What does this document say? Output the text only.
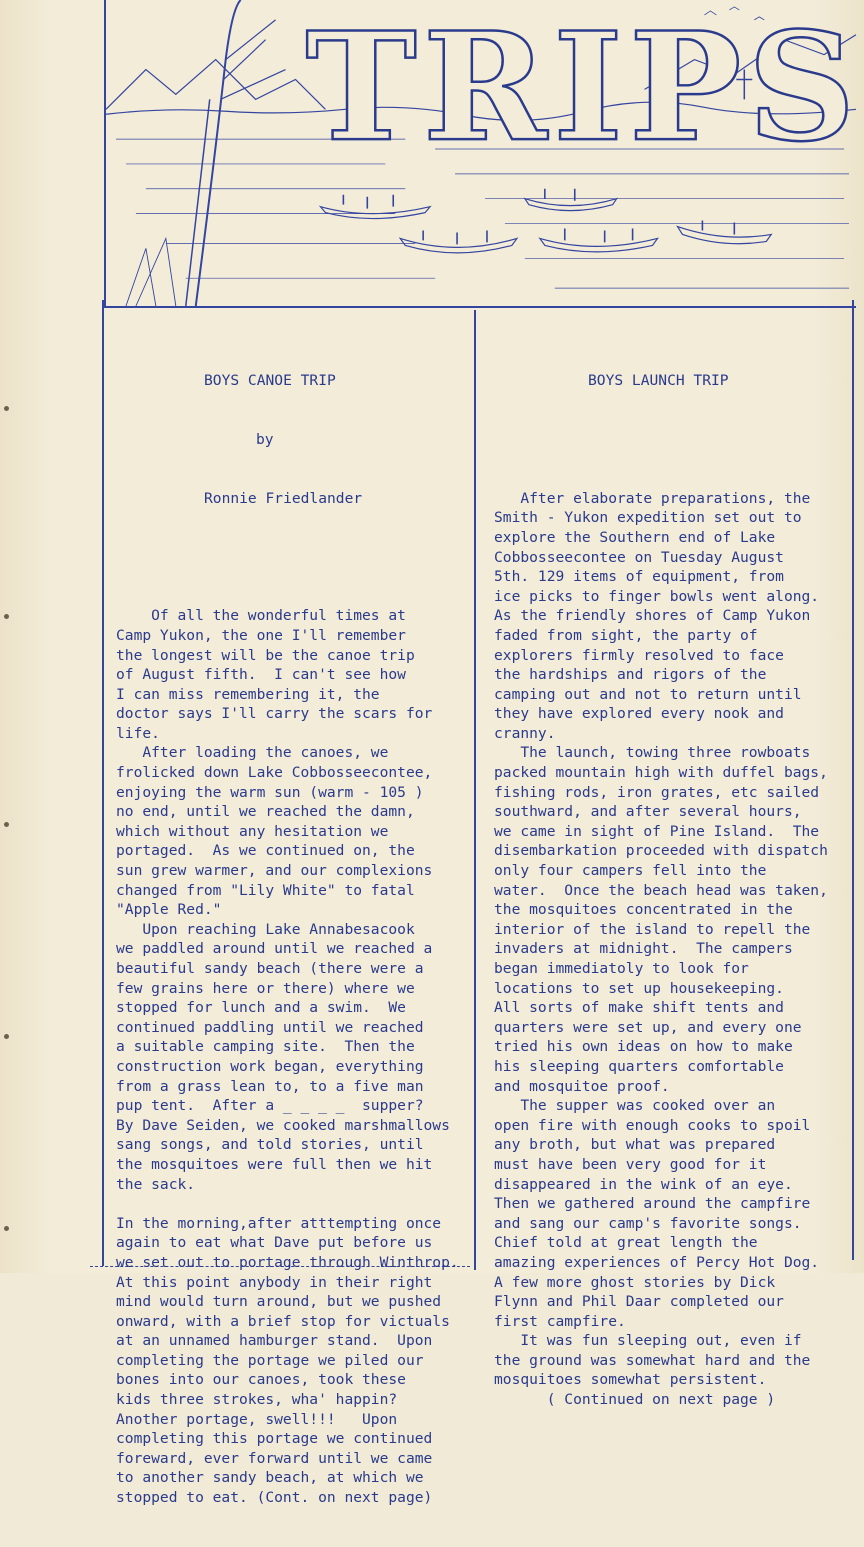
TRIPS

BOYS CANOE TRIP

by

Ronnie Friedlander

Of all the wonderful times at
Camp Yukon, the one I'll remember
the longest will be the canoe trip
of August fifth.  I can't see how
I can miss remembering it, the
doctor says I'll carry the scars for
life.
After loading the canoes, we
frolicked down Lake Cobbosseecontee,
enjoying the warm sun (warm - 105 )
no end, until we reached the damn,
which without any hesitation we
portaged.  As we continued on, the
sun grew warmer, and our complexions
changed from "Lily White" to fatal
"Apple Red."
Upon reaching Lake Annabesacook
we paddled around until we reached a
beautiful sandy beach (there were a
few grains here or there) where we
stopped for lunch and a swim.  We
continued paddling until we reached
a suitable camping site.  Then the
construction work began, everything
from a grass lean to, to a five man
pup tent.  After a _ _ _ _  supper?
By Dave Seiden, we cooked marshmallows
sang songs, and told stories, until
the mosquitoes were full then we hit
the sack.
In the morning,after atttempting once
again to eat what Dave put before us
we set out to portage through Winthrop.
At this point anybody in their right
mind would turn around, but we pushed
onward, with a brief stop for victuals
at an unnamed hamburger stand.  Upon
completing the portage we piled our
bones into our canoes, took these
kids three strokes, wha' happin?
Another portage, swell!!!   Upon
completing this portage we continued
foreward, ever forward until we came
to another sandy beach, at which we
stopped to eat. (Cont. on next page)

BOYS LAUNCH TRIP

After elaborate preparations, the
Smith - Yukon expedition set out to
explore the Southern end of Lake
Cobbosseecontee on Tuesday August
5th. 129 items of equipment, from
ice picks to finger bowls went along.
As the friendly shores of Camp Yukon
faded from sight, the party of
explorers firmly resolved to face
the hardships and rigors of the
camping out and not to return until
they have explored every nook and
cranny.
The launch, towing three rowboats
packed mountain high with duffel bags,
fishing rods, iron grates, etc sailed
southward, and after several hours,
we came in sight of Pine Island.  The
disembarkation proceeded with dispatch
only four campers fell into the
water.  Once the beach head was taken,
the mosquitoes concentrated in the
interior of the island to repell the
invaders at midnight.  The campers
began immediatoly to look for
locations to set up housekeeping.
All sorts of make shift tents and
quarters were set up, and every one
tried his own ideas on how to make
his sleeping quarters comfortable
and mosquitoe proof.
The supper was cooked over an
open fire with enough cooks to spoil
any broth, but what was prepared
must have been very good for it
disappeared in the wink of an eye.
Then we gathered around the campfire
and sang our camp's favorite songs.
Chief told at great length the
amazing experiences of Percy Hot Dog.
A few more ghost stories by Dick
Flynn and Phil Daar completed our
first campfire.
It was fun sleeping out, even if
the ground was somewhat hard and the
mosquitoes somewhat persistent.
( Continued on next page )
